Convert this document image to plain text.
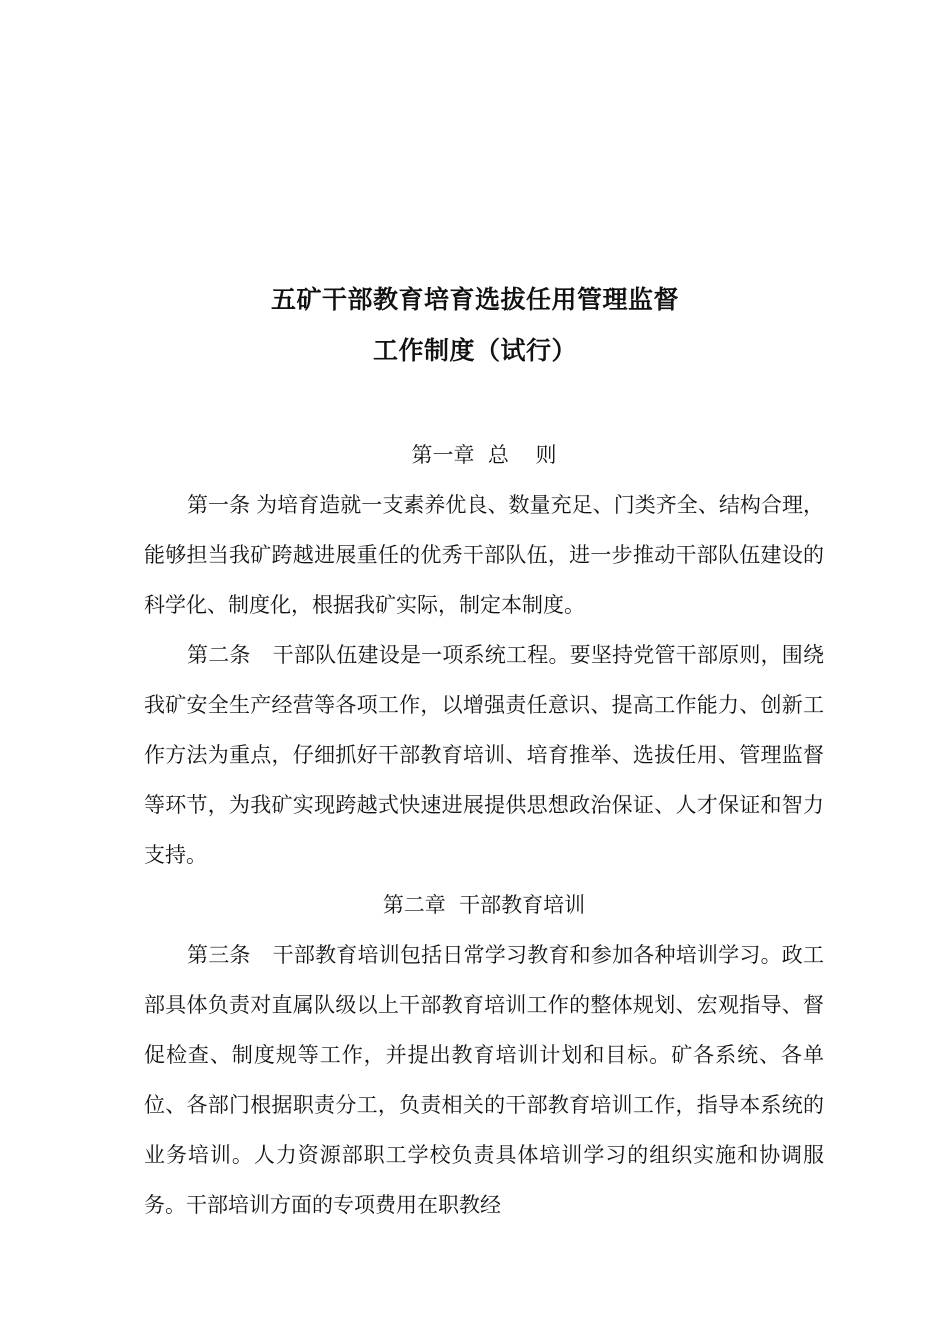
五矿干部教育培育选拔任用管理监督
工作制度（试行）

第一章  总    则

第一条 为培育造就一支素养优良、数量充足、门类齐全、结构合理，能够担当我矿跨越进展重任的优秀干部队伍，进一步推动干部队伍建设的科学化、制度化，根据我矿实际，制定本制度。

第二条 干部队伍建设是一项系统工程。要坚持党管干部原则，围绕我矿安全生产经营等各项工作，以增强责任意识、提高工作能力、创新工作方法为重点，仔细抓好干部教育培训、培育推举、选拔任用、管理监督等环节，为我矿实现跨越式快速进展提供思想政治保证、人才保证和智力支持。

第二章  干部教育培训

第三条 干部教育培训包括日常学习教育和参加各种培训学习。政工部具体负责对直属队级以上干部教育培训工作的整体规划、宏观指导、督促检查、制度规等工作，并提出教育培训计划和目标。矿各系统、各单位、各部门根据职责分工，负责相关的干部教育培训工作，指导本系统的业务培训。人力资源部职工学校负责具体培训学习的组织实施和协调服务。干部培训方面的专项费用在职教经
